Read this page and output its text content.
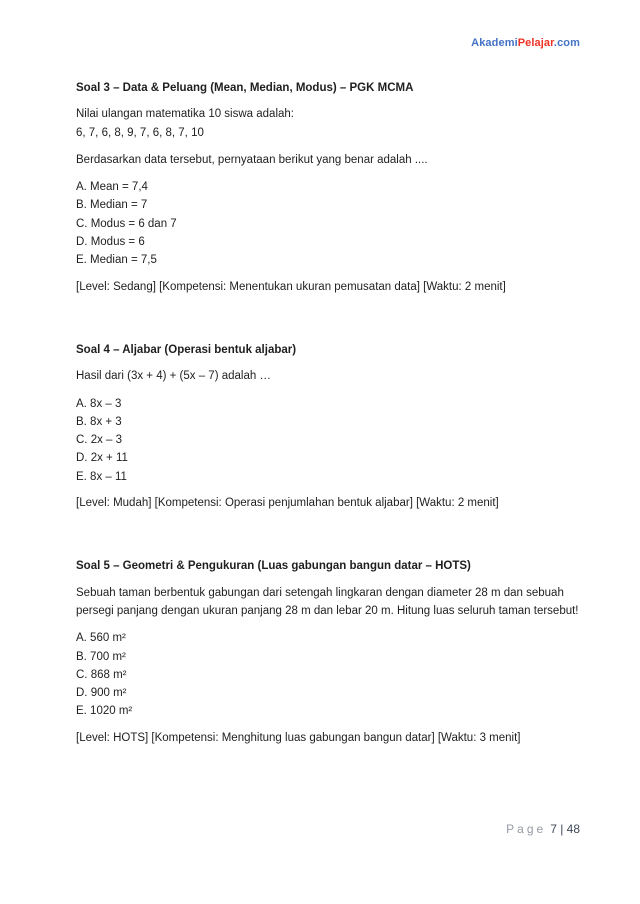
AkademiPelajar.com
Soal 3 – Data & Peluang (Mean, Median, Modus) – PGK MCMA

Nilai ulangan matematika 10 siswa adalah:
6, 7, 6, 8, 9, 7, 6, 8, 7, 10

Berdasarkan data tersebut, pernyataan berikut yang benar adalah ....

A. Mean = 7,4
B. Median = 7
C. Modus = 6 dan 7
D. Modus = 6
E. Median = 7,5

[Level: Sedang] [Kompetensi: Menentukan ukuran pemusatan data] [Waktu: 2 menit]

Soal 4 – Aljabar (Operasi bentuk aljabar)

Hasil dari (3x + 4) + (5x – 7) adalah …

A. 8x – 3
B. 8x + 3
C. 2x – 3
D. 2x + 11
E. 8x – 11

[Level: Mudah] [Kompetensi: Operasi penjumlahan bentuk aljabar] [Waktu: 2 menit]

Soal 5 – Geometri & Pengukuran (Luas gabungan bangun datar – HOTS)

Sebuah taman berbentuk gabungan dari setengah lingkaran dengan diameter 28 m dan sebuah persegi panjang dengan ukuran panjang 28 m dan lebar 20 m. Hitung luas seluruh taman tersebut!

A. 560 m²
B. 700 m²
C. 868 m²
D. 900 m²
E. 1020 m²

[Level: HOTS] [Kompetensi: Menghitung luas gabungan bangun datar] [Waktu: 3 menit]

Page 7 | 48
